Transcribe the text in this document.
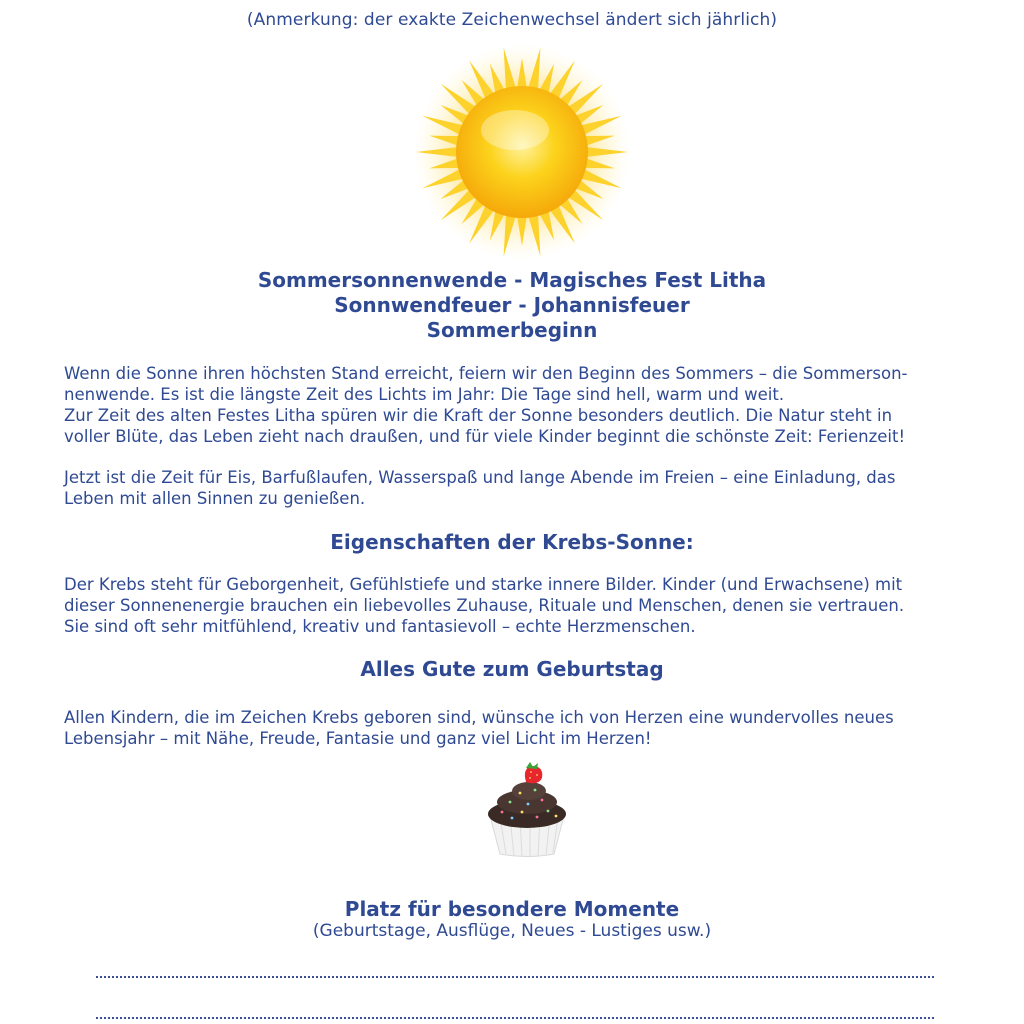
(Anmerkung: der exakte Zeichenwechsel ändert sich jährlich)
Sommersonnenwende - Magisches Fest Litha
Sonnwendfeuer - Johannisfeuer
Sommerbeginn
Wenn die Sonne ihren höchsten Stand erreicht, feiern wir den Beginn des Sommers – die Sommerson-
nenwende. Es ist die längste Zeit des Lichts im Jahr: Die Tage sind hell, warm und weit.
Zur Zeit des alten Festes Litha spüren wir die Kraft der Sonne besonders deutlich. Die Natur steht in
voller Blüte, das Leben zieht nach draußen, und für viele Kinder beginnt die schönste Zeit: Ferienzeit!
Jetzt ist die Zeit für Eis, Barfußlaufen, Wasserspaß und lange Abende im Freien – eine Einladung, das
Leben mit allen Sinnen zu genießen.
Eigenschaften der Krebs-Sonne:
Der Krebs steht für Geborgenheit, Gefühlstiefe und starke innere Bilder. Kinder (und Erwachsene) mit
dieser Sonnenenergie brauchen ein liebevolles Zuhause, Rituale und Menschen, denen sie vertrauen.
Sie sind oft sehr mitfühlend, kreativ und fantasievoll – echte Herzmenschen.
Alles Gute zum Geburtstag
Allen Kindern, die im Zeichen Krebs geboren sind, wünsche ich von Herzen eine wundervolles neues
Lebensjahr – mit Nähe, Freude, Fantasie und ganz viel Licht im Herzen!
Platz für besondere Momente
(Geburtstage, Ausflüge, Neues - Lustiges usw.)
